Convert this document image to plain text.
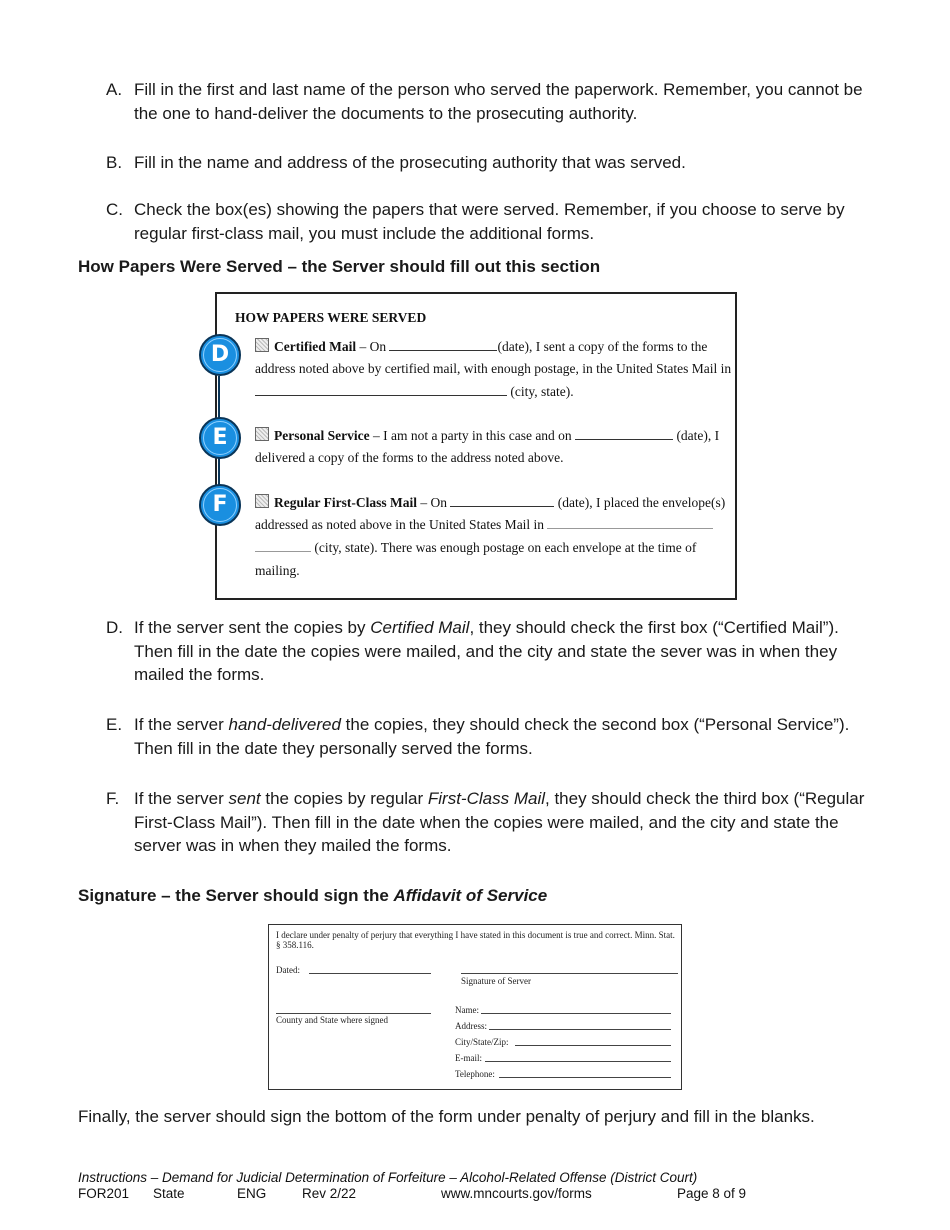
A. Fill in the first and last name of the person who served the paperwork. Remember, you cannot be the one to hand-deliver the documents to the prosecuting authority.
B. Fill in the name and address of the prosecuting authority that was served.
C. Check the box(es) showing the papers that were served. Remember, if you choose to serve by regular first-class mail, you must include the additional forms.
How Papers Were Served – the Server should fill out this section
HOW PAPERS WERE SERVED
Certified Mail – On	(date), I sent a copy of the forms to the
address noted above by certified mail, with enough postage, in the United States Mail in
(city, state).
Personal Service – I am not a party in this case and on	(date), I
delivered a copy of the forms to the address noted above.
Regular First-Class Mail – On	(date), I placed the envelope(s)
addressed as noted above in the United States Mail in
(city, state). There was enough postage on each envelope at the time of
mailing.
D
E
F
D. If the server sent the copies by Certified Mail, they should check the first box (“Certified Mail”). Then fill in the date the copies were mailed, and the city and state the sever was in when they mailed the forms.
E. If the server hand-delivered the copies, they should check the second box (“Personal Service”). Then fill in the date they personally served the forms.
F. If the server sent the copies by regular First-Class Mail, they should check the third box (“Regular First-Class Mail”). Then fill in the date when the copies were mailed, and the city and state the server was in when they mailed the forms.
Signature – the Server should sign the Affidavit of Service
I declare under penalty of perjury that everything I have stated in this document is true and correct. Minn. Stat. § 358.116.
Dated:
Signature of Server
County and State where signed
Name:
Address:
City/State/Zip:
E-mail:
Telephone:
Finally, the server should sign the bottom of the form under penalty of perjury and fill in the blanks.
Instructions – Demand for Judicial Determination of Forfeiture – Alcohol-Related Offense (District Court)
FOR201 State	ENG	Rev 2/22	www.mncourts.gov/forms	Page 8 of 9
